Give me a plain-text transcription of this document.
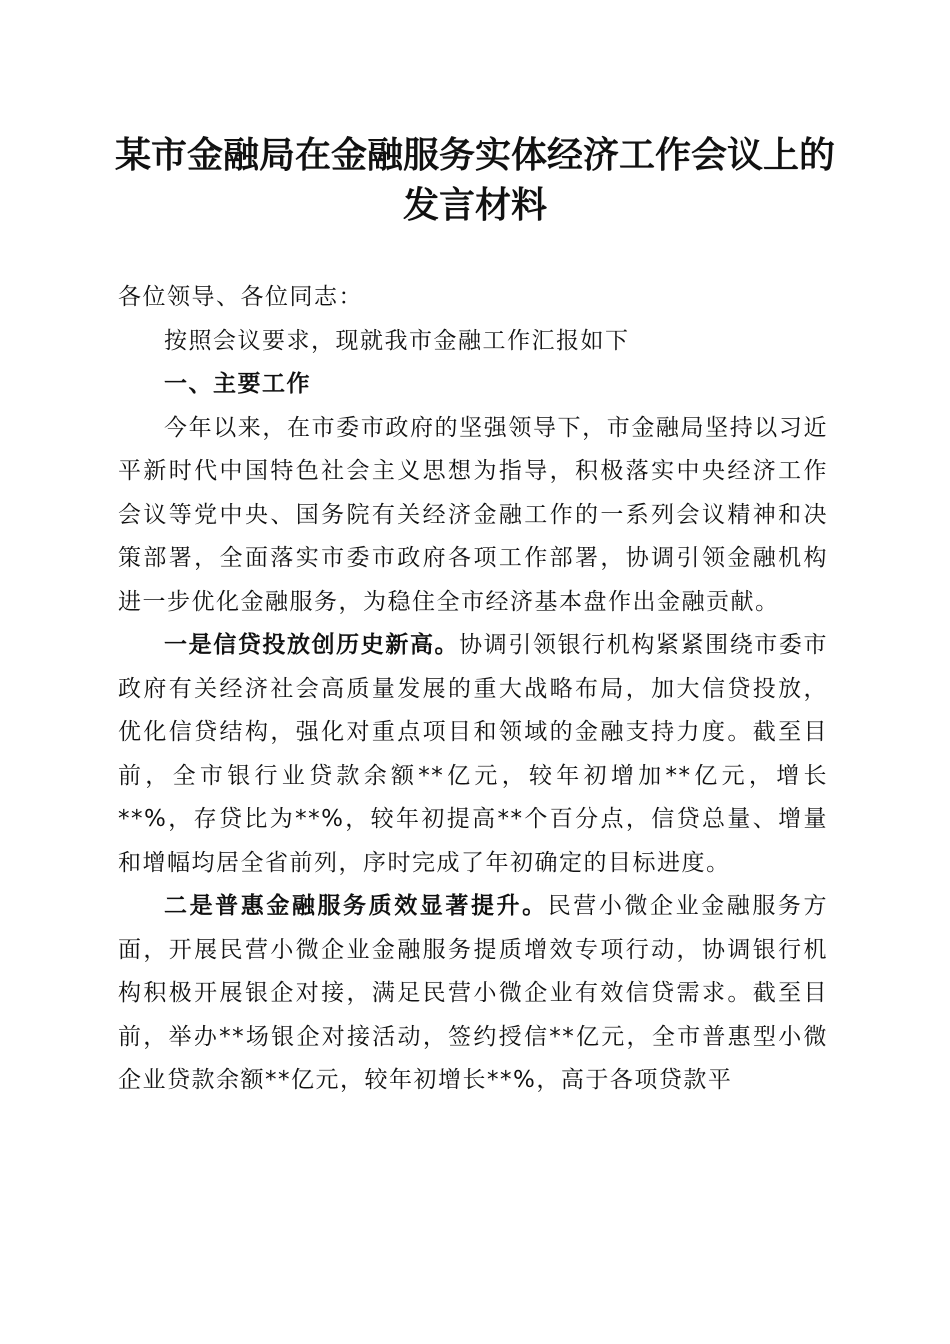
某市金融局在金融服务实体经济工作会议上的
发言材料

各位领导、各位同志：

按照会议要求，现就我市金融工作汇报如下

一、主要工作

今年以来，在市委市政府的坚强领导下，市金融局坚持以习近平新时代中国特色社会主义思想为指导，积极落实中央经济工作会议等党中央、国务院有关经济金融工作的一系列会议精神和决策部署，全面落实市委市政府各项工作部署，协调引领金融机构进一步优化金融服务，为稳住全市经济基本盘作出金融贡献。

一是信贷投放创历史新高。协调引领银行机构紧紧围绕市委市政府有关经济社会高质量发展的重大战略布局，加大信贷投放，优化信贷结构，强化对重点项目和领域的金融支持力度。截至目前，全市银行业贷款余额**亿元，较年初增加**亿元，增长**%，存贷比为**%，较年初提高**个百分点，信贷总量、增量和增幅均居全省前列，序时完成了年初确定的目标进度。

二是普惠金融服务质效显著提升。民营小微企业金融服务方面，开展民营小微企业金融服务提质增效专项行动，协调银行机构积极开展银企对接，满足民营小微企业有效信贷需求。截至目前，举办**场银企对接活动，签约授信**亿元，全市普惠型小微企业贷款余额**亿元，较年初增长**%，高于各项贷款平
